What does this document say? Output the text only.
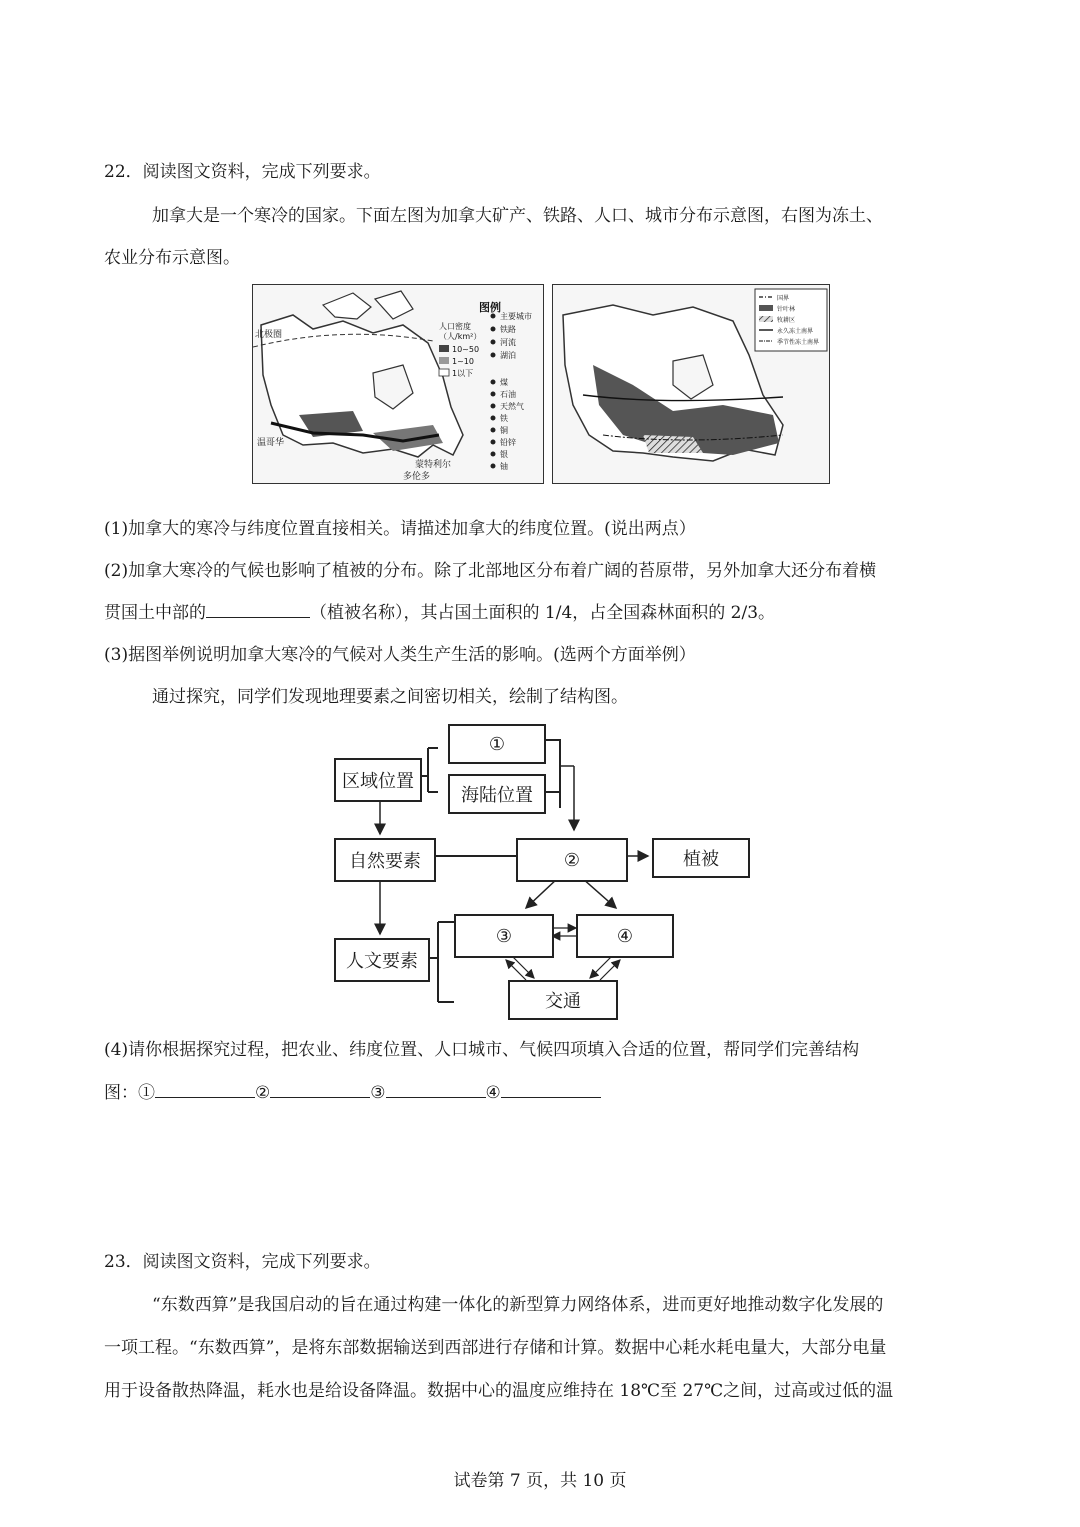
22．阅读图文资料，完成下列要求。
加拿大是一个寒冷的国家。下面左图为加拿大矿产、铁路、人口、城市分布示意图，右图为冻土、
农业分布示意图。
北极圈
温哥华
蒙特利尔
多伦多
图例
人口密度
（人/km²）
10~50
1~10
1以下
主要城市
铁路
河流
湖泊
煤
石油
天然气
铁
铜
铅锌
银
铀
国界
针叶林
牧耕区
永久冻土南界
季节性冻土南界
(1)加拿大的寒冷与纬度位置直接相关。请描述加拿大的纬度位置。(说出两点）
(2)加拿大寒冷的气候也影响了植被的分布。除了北部地区分布着广阔的苔原带，另外加拿大还分布着横
贯国土中部的	（植被名称），其占国土面积的 1/4，占全国森林面积的 2/3。
(3)据图举例说明加拿大寒冷的气候对人类生产生活的影响。(选两个方面举例）
通过探究，同学们发现地理要素之间密切相关，绘制了结构图。
区域位置
①
海陆位置
自然要素	②	植被
人文要素
③	④
交通
(4)请你根据探究过程，把农业、纬度位置、人口城市、气候四项填入合适的位置，帮同学们完善结构
图：①	②	③	④
23．阅读图文资料，完成下列要求。
“东数西算”是我国启动的旨在通过构建一体化的新型算力网络体系，进而更好地推动数字化发展的
一项工程。“东数西算”，是将东部数据输送到西部进行存储和计算。数据中心耗水耗电量大，大部分电量
用于设备散热降温，耗水也是给设备降温。数据中心的温度应维持在 18℃至 27℃之间，过高或过低的温
试卷第 7 页，共 10 页
